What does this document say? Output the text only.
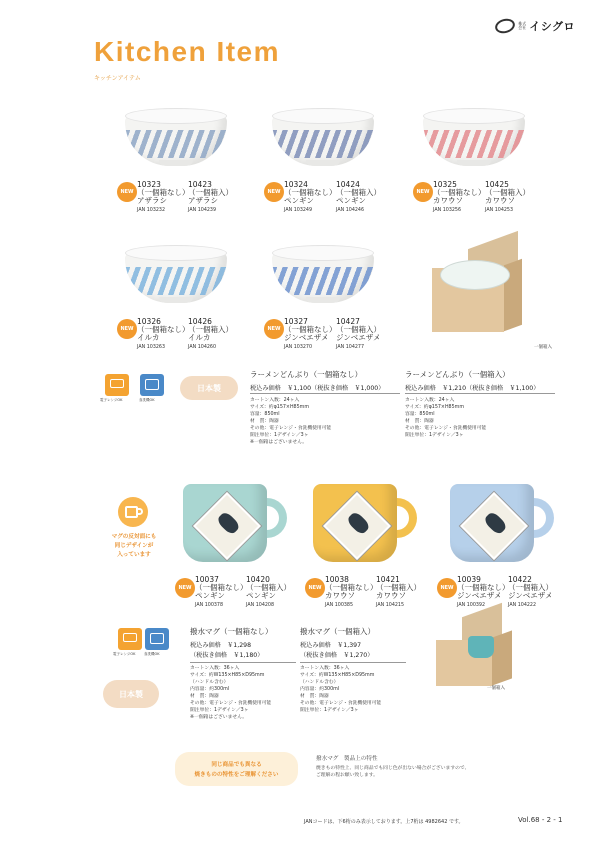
Kitchen Item
キッチンアイテム
株式
会社 イシグロ
NEW
10323
（一個箱なし）
アザラシ
10423
（一個箱入）
アザラシ
JAN 103232	JAN 104239
NEW
10324
（一個箱なし）
ペンギン
10424
（一個箱入）
ペンギン
JAN 103249	JAN 104246
NEW
10325
（一個箱なし）
カワウソ
10425
（一個箱入）
カワウソ
JAN 103256	JAN 104253
一個箱入
NEW
10326
（一個箱なし）
イルカ
10426
（一個箱入）
イルカ
JAN 103263	JAN 104260
NEW
10327
（一個箱なし）
ジンベエザメ
10427
（一個箱入）
ジンベエザメ
JAN 103270	JAN 104277
電子レンジOK	食洗機OK
日本製
ラーメンどんぶり（一個箱なし）
税込み価格　￥1,100（税抜き価格　￥1,000）
カートン入数：24ヶ入
サイズ：約φ157×H85mm
容量：850ml
材　質：陶器
その他：電子レンジ・食洗機使用可能
開注単位：1デザイン／3ヶ
※一個箱はございません。
ラーメンどんぶり（一個箱入）
税込み価格　￥1,210（税抜き価格　￥1,100）
カートン入数：24ヶ入
サイズ：約φ157×H85mm
容量：850ml
材　質：陶器
その他：電子レンジ・食洗機使用可能
開注単位：1デザイン／3ヶ
マグの反対面にも
同じデザインが
入っています
NEW
10037
（一個箱なし）
ペンギン
10420
（一個箱入）
ペンギン
JAN 100378	JAN 104208
NEW
10038
（一個箱なし）
カワウソ
10421
（一個箱入）
カワウソ
JAN 100385	JAN 104215
NEW
10039
（一個箱なし）
ジンベエザメ
10422
（一個箱入）
ジンベエザメ
JAN 100392	JAN 104222
電子レンジOK 食洗機OK
日本製
撥水マグ（一個箱なし）
税込み価格　￥1,298
（税抜き価格　￥1,180）
カートン入数：36ヶ入
サイズ：約W135×H85×D95mm
（ハンドル含む）
内容量：約300ml
材　質：陶器
その他：電子レンジ・食洗機使用可能
開注単位：1デザイン／3ヶ
※一個箱はございません。
撥水マグ（一個箱入）
税込み価格　￥1,397
（税抜き価格　￥1,270）
カートン入数：36ヶ入
サイズ：約W135×H85×D95mm
（ハンドル含む）
内容量：約300ml
材　質：陶器
その他：電子レンジ・食洗機使用可能
開注単位：1デザイン／3ヶ
一個箱入
同じ商品でも異なる
焼きものの特性をご理解ください
撥水マグ　製品上の特性
焼きもの特性上、同じ商品でも同じ色が出ない場合がございますので、
ご理解の程お願い致します。
JANコードは、下6桁のみ表示しております。上7桁は 4982642 です。	Vol.68 - 2 - 1
